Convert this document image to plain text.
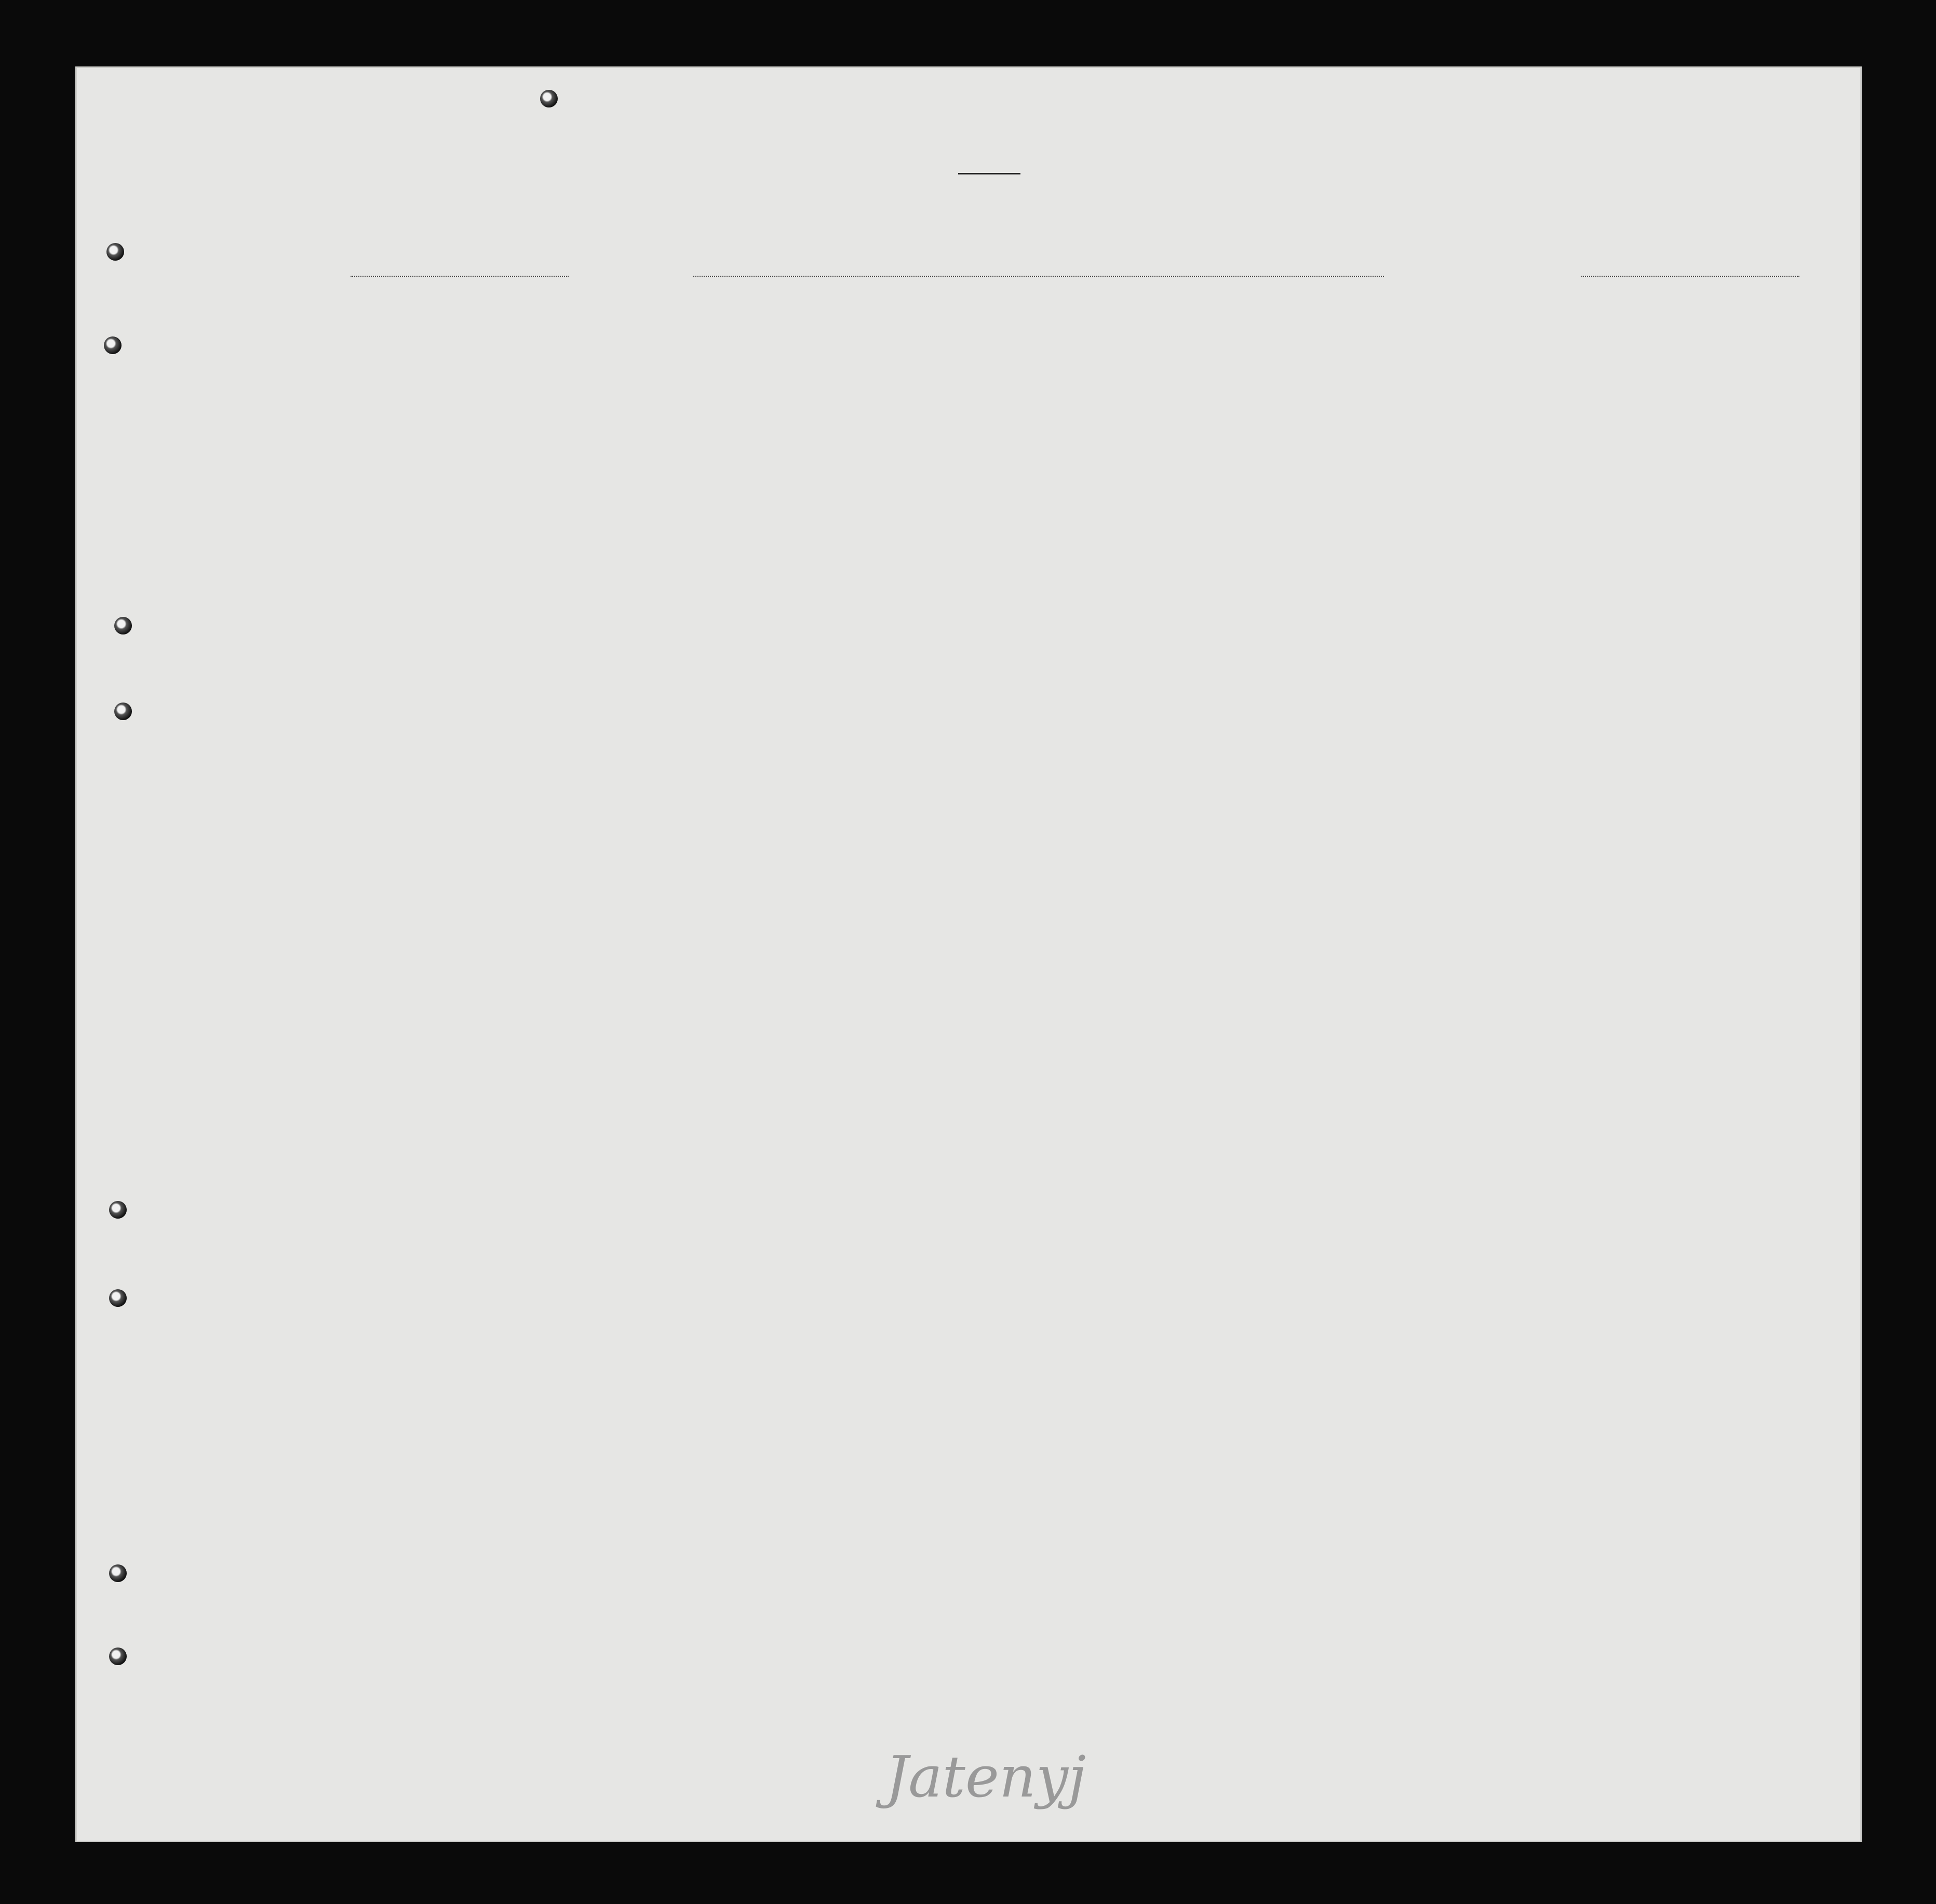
Jatenyj
